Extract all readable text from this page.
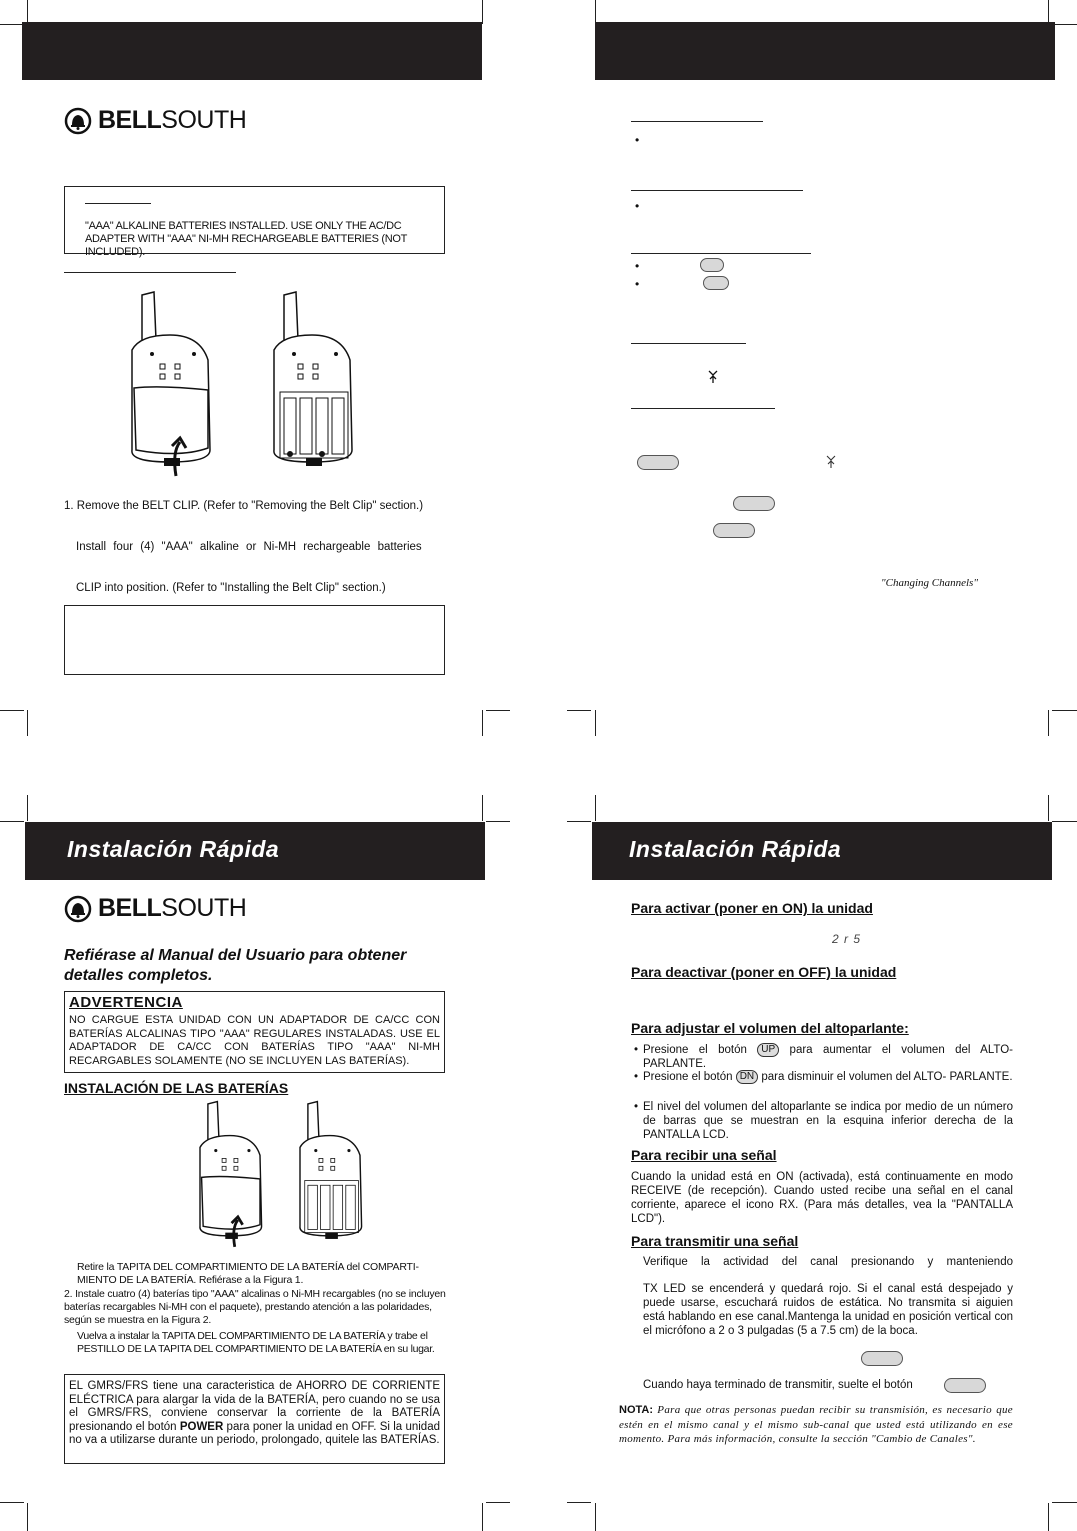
BELLSOUTH
"AAA" ALKALINE BATTERIES INSTALLED. USE ONLY THE AC/DC ADAPTER WITH "AAA" NI-MH RECHARGEABLE BATTERIES (NOT INCLUDED).
1. Remove the BELT CLIP. (Refer to "Removing the Belt Clip" section.)
Install four (4) "AAA" alkaline or Ni-MH rechargeable batteries
CLIP into position. (Refer to "Installing the Belt Clip" section.)
•
•
•
•
"Changing Channels"
Instalación Rápida
BELLSOUTH
Refiérase al Manual del Usuario para obtener detalles completos.
ADVERTENCIA
NO CARGUE ESTA UNIDAD CON UN ADAPTADOR DE CA/CC CON BATERÍAS ALCALINAS TIPO "AAA" REGULARES INSTALADAS. USE EL ADAPTADOR DE CA/CC CON BATERÍAS TIPO "AAA" NI-MH RECARGABLES SOLAMENTE (NO SE INCLUYEN LAS BATERÍAS).
INSTALACIÓN DE LAS BATERÍAS
Retire la TAPITA DEL COMPARTIMIENTO DE LA BATERÍA del COMPARTI- MIENTO DE LA BATERÍA. Refiérase a la Figura 1.
2. Instale cuatro (4) baterías tipo "AAA" alcalinas o Ni-MH recargables (no se incluyen baterías recargables Ni-MH con el paquete), prestando atención a las polaridades, según se muestra en la Figura 2.
Vuelva a instalar la TAPITA DEL COMPARTIMIENTO DE LA BATERÍA y trabe el PESTILLO DE LA TAPITA DEL COMPARTIMIENTO DE LA BATERÍA en su lugar.
EL GMRS/FRS tiene una caracteristica de AHORRO DE CORRIENTE ELÉCTRICA para alargar la vida de la BATERÍA, pero cuando no se usa el GMRS/FRS, conviene conservar la corriente de la BATERÍA presionando el botón POWER para poner la unidad en OFF. Si la unidad no va a utilizarse durante un periodo, prolongado, quitele las BATERÍAS.
Instalación Rápida
Para activar (poner en ON) la unidad
2 r 5
Para deactivar (poner en OFF) la unidad
Para adjustar el volumen del altoparlante:
• Presione el botón UP para aumentar el volumen del ALTO- PARLANTE.
• Presione el botón DN para disminuir el volumen del ALTO- PARLANTE.
• El nivel del volumen del altoparlante se indica por medio de un número de barras que se muestran en la esquina inferior derecha de la PANTALLA LCD.
Para recibir una señal
Cuando la unidad está en ON (activada), está continuamente en modo RECEIVE (de recepción). Cuando usted recibe una señal en el canal corriente, aparece el icono RX. (Para más detalles, vea la "PANTALLA LCD").
Para transmitir una señal
Verifique la actividad del canal presionando y manteniendo
TX LED se encenderá y quedará rojo. Si el canal está despejado y puede usarse, escuchará ruidos de estática. No transmita si aiguien está hablando en ese canal.Mantenga la unidad en posición vertical con el micrófono a 2 o 3 pulgadas (5 a 7.5 cm) de la boca.
Cuando haya terminado de transmitir, suelte el botón
NOTA: Para que otras personas puedan recibir su transmisión, es necesario que estén en el mismo canal y el mismo sub-canal que usted está utilizando en ese momento. Para más información, consulte la sección "Cambio de Canales".
